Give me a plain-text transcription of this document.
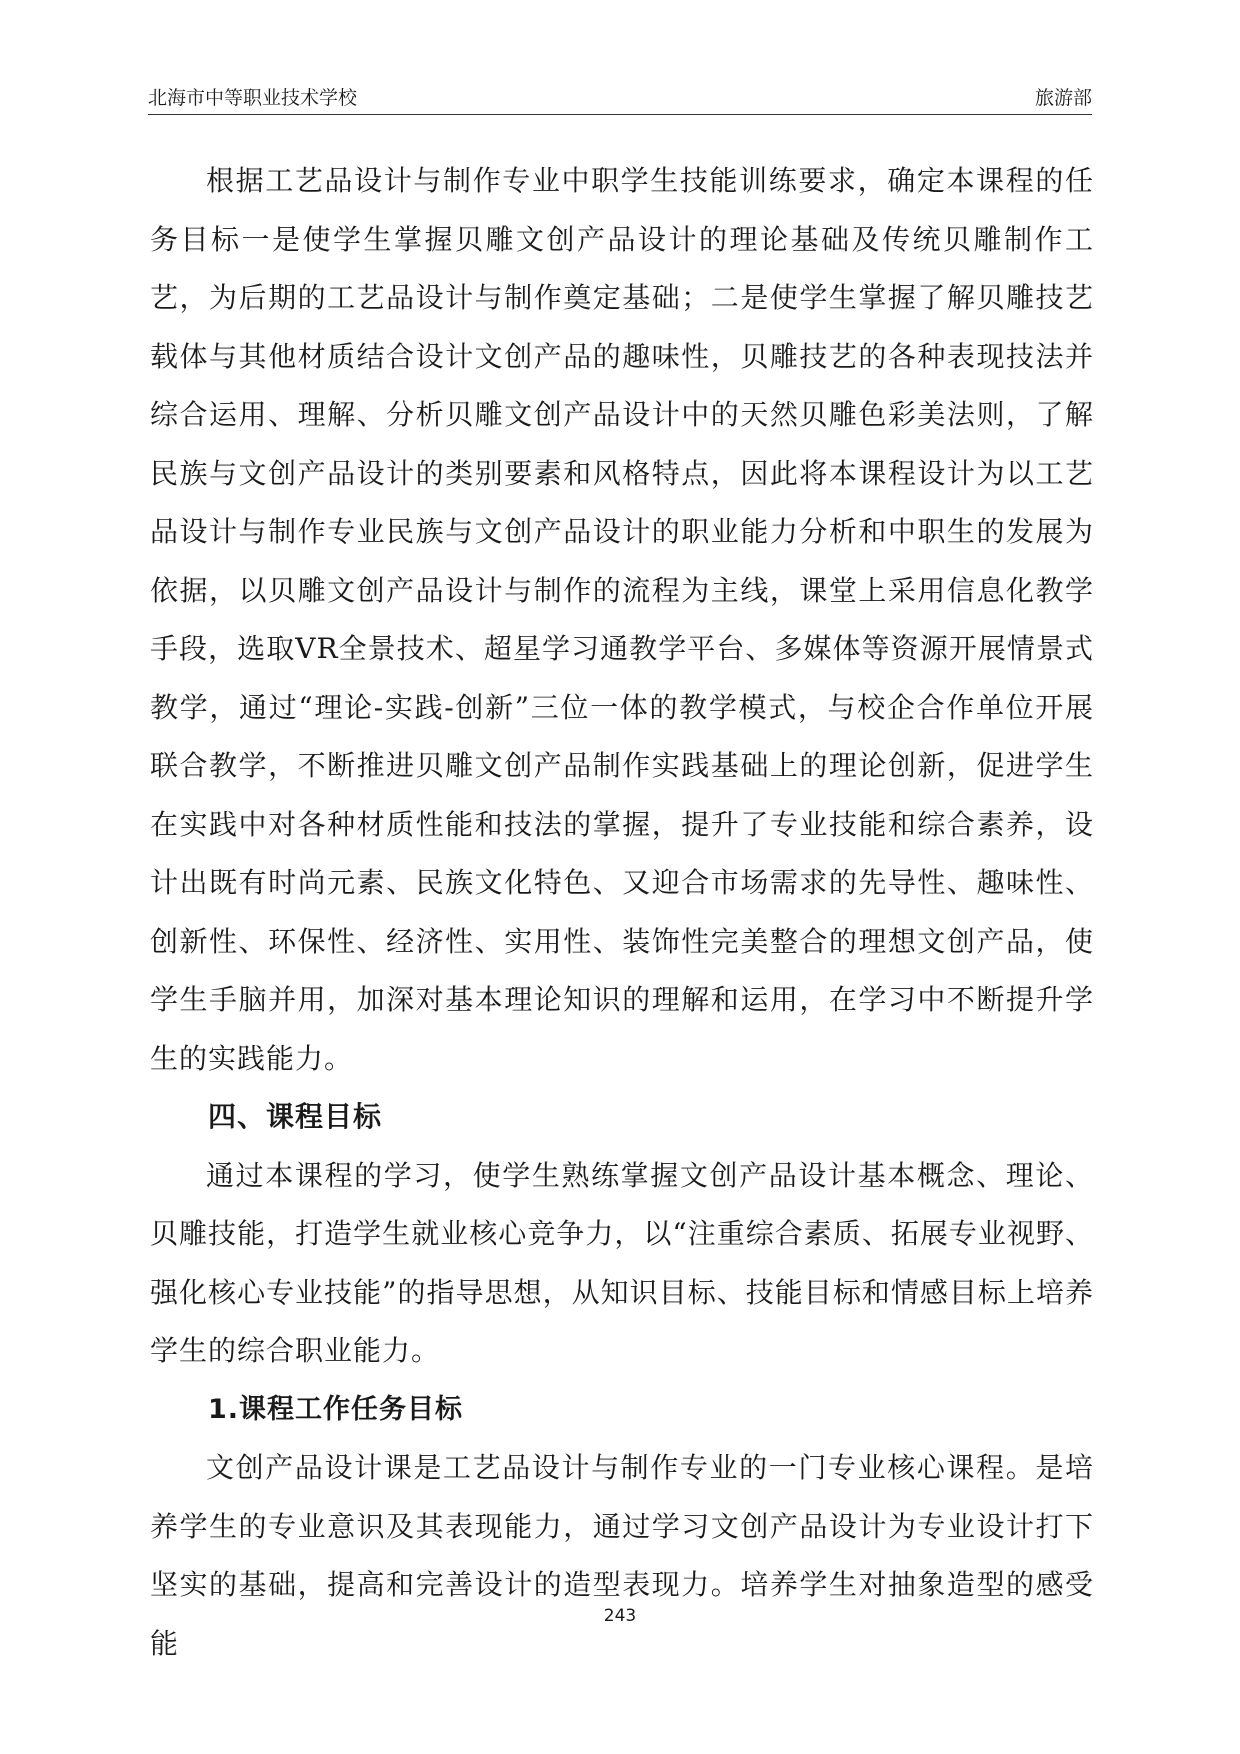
北海市中等职业技术学校	旅游部

根据工艺品设计与制作专业中职学生技能训练要求，确定本课程的任务目标一是使学生掌握贝雕文创产品设计的理论基础及传统贝雕制作工艺，为后期的工艺品设计与制作奠定基础；二是使学生掌握了解贝雕技艺载体与其他材质结合设计文创产品的趣味性，贝雕技艺的各种表现技法并综合运用、理解、分析贝雕文创产品设计中的天然贝雕色彩美法则，了解民族与文创产品设计的类别要素和风格特点，因此将本课程设计为以工艺品设计与制作专业民族与文创产品设计的职业能力分析和中职生的发展为依据，以贝雕文创产品设计与制作的流程为主线，课堂上采用信息化教学手段，选取VR全景技术、超星学习通教学平台、多媒体等资源开展情景式教学，通过“理论-实践-创新”三位一体的教学模式，与校企合作单位开展联合教学，不断推进贝雕文创产品制作实践基础上的理论创新，促进学生在实践中对各种材质性能和技法的掌握，提升了专业技能和综合素养，设计出既有时尚元素、民族文化特色、又迎合市场需求的先导性、趣味性、创新性、环保性、经济性、实用性、装饰性完美整合的理想文创产品，使学生手脑并用，加深对基本理论知识的理解和运用，在学习中不断提升学生的实践能力。

四、课程目标

通过本课程的学习，使学生熟练掌握文创产品设计基本概念、理论、贝雕技能，打造学生就业核心竞争力，以“注重综合素质、拓展专业视野、强化核心专业技能”的指导思想，从知识目标、技能目标和情感目标上培养学生的综合职业能力。

1.课程工作任务目标

文创产品设计课是工艺品设计与制作专业的一门专业核心课程。是培养学生的专业意识及其表现能力，通过学习文创产品设计为专业设计打下坚实的基础，提高和完善设计的造型表现力。培养学生对抽象造型的感受能

243
